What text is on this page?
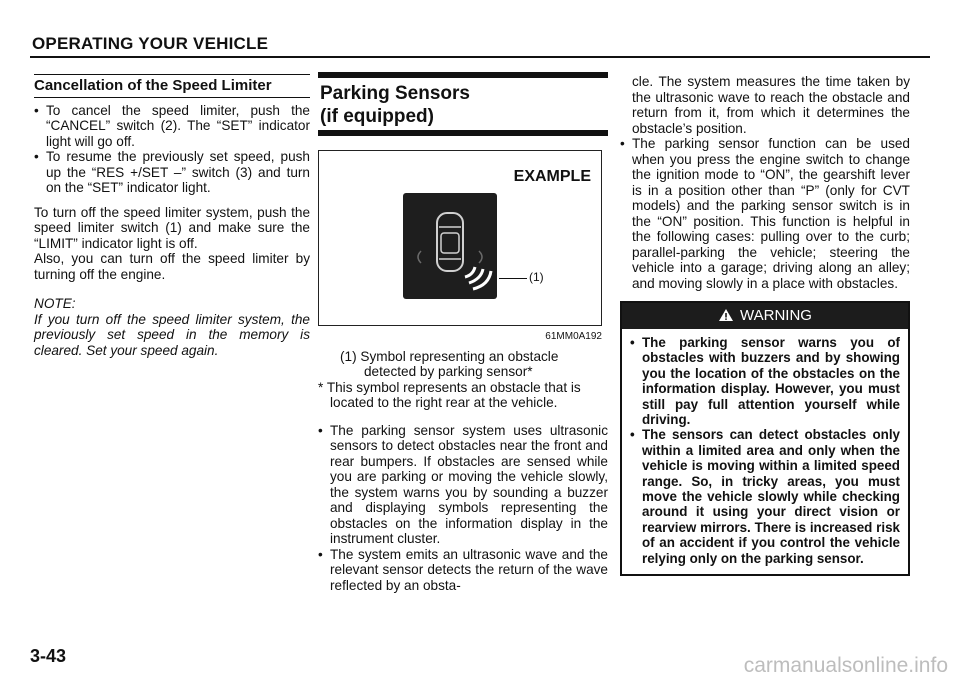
OPERATING YOUR VEHICLE
Cancellation of the Speed Limiter
• To cancel the speed limiter, push the “CANCEL” switch (2). The “SET” indicator light will go off.
• To resume the previously set speed, push up the “RES +/SET –” switch (3) and turn on the “SET” indicator light.

To turn off the speed limiter system, push the speed limiter switch (1) and make sure the “LIMIT” indicator light is off.

Also, you can turn off the speed limiter by turning off the engine.

NOTE:

If you turn off the speed limiter system, the previously set speed in the memory is cleared. Set your speed again.

Parking Sensors
(if equipped)
EXAMPLE
(1)
61MM0A192
(1) Symbol representing an obstacle
detected by parking sensor*

* This symbol represents an obstacle that is located to the right rear at the vehicle.

• The parking sensor system uses ultrasonic sensors to detect obstacles near the front and rear bumpers. If obstacles are sensed while you are parking or moving the vehicle slowly, the system warns you by sounding a buzzer and displaying symbols representing the obstacles on the information display in the instrument cluster.
• The system emits an ultrasonic wave and the relevant sensor detects the return of the wave reflected by an obsta-

cle. The system measures the time taken by the ultrasonic wave to reach the obstacle and return from it, from which it determines the obstacle’s position.

• The parking sensor function can be used when you press the engine switch to change the ignition mode to “ON”, the gearshift lever is in a position other than “P” (only for CVT models) and the parking sensor switch is in the “ON” position. This function is helpful in the following cases: pulling over to the curb; parallel-parking the vehicle; steering the vehicle into a garage; driving along an alley; and moving slowly in a place with obstacles.
WARNING
• The parking sensor warns you of obstacles with buzzers and by showing you the location of the obstacles on the information display. However, you must still pay full attention yourself while driving.
• The sensors can detect obstacles only within a limited area and only when the vehicle is moving within a limited speed range. So, in tricky areas, you must move the vehicle slowly while checking around it using your direct vision or rearview mirrors. There is increased risk of an accident if you control the vehicle relying only on the parking sensor.
3-43	carmanualsonline.info
